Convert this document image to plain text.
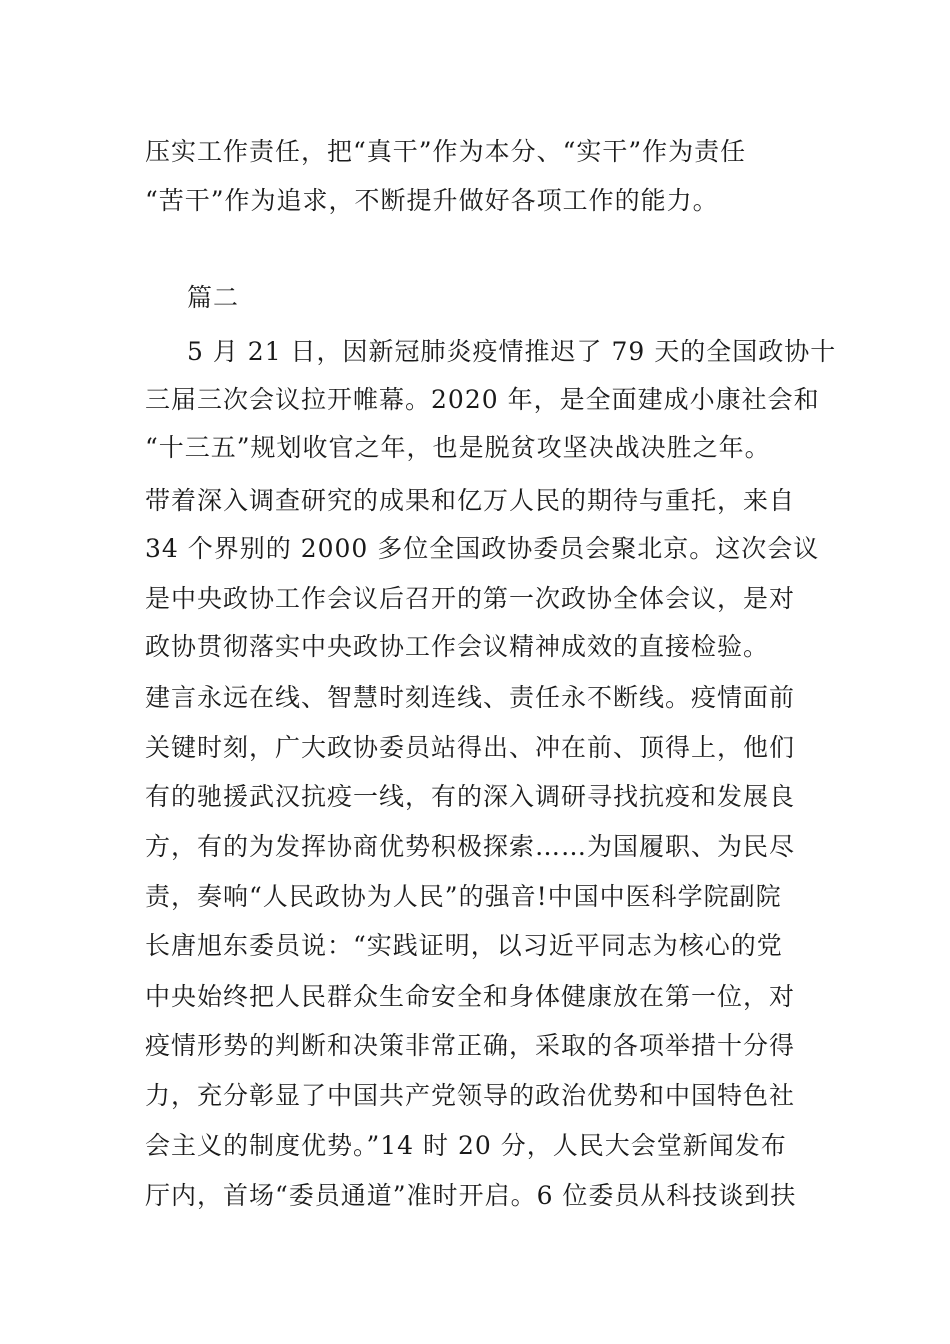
压实工作责任，把“真干”作为本分、“实干”作为责任
“苦干”作为追求，不断提升做好各项工作的能力。
篇二
5 月 21 日，因新冠肺炎疫情推迟了 79 天的全国政协十
三届三次会议拉开帷幕。2020 年，是全面建成小康社会和
“十三五”规划收官之年，也是脱贫攻坚决战决胜之年。
带着深入调查研究的成果和亿万人民的期待与重托，来自
34 个界别的 2000 多位全国政协委员会聚北京。这次会议
是中央政协工作会议后召开的第一次政协全体会议，是对
政协贯彻落实中央政协工作会议精神成效的直接检验。
建言永远在线、智慧时刻连线、责任永不断线。疫情面前
关键时刻，广大政协委员站得出、冲在前、顶得上，他们
有的驰援武汉抗疫一线，有的深入调研寻找抗疫和发展良
方，有的为发挥协商优势积极探索……为国履职、为民尽
责，奏响“人民政协为人民”的强音!中国中医科学院副院
长唐旭东委员说：“实践证明，以习近平同志为核心的党
中央始终把人民群众生命安全和身体健康放在第一位，对
疫情形势的判断和决策非常正确，采取的各项举措十分得
力，充分彰显了中国共产党领导的政治优势和中国特色社
会主义的制度优势。”14 时 20 分，人民大会堂新闻发布
厅内，首场“委员通道”准时开启。6 位委员从科技谈到扶
